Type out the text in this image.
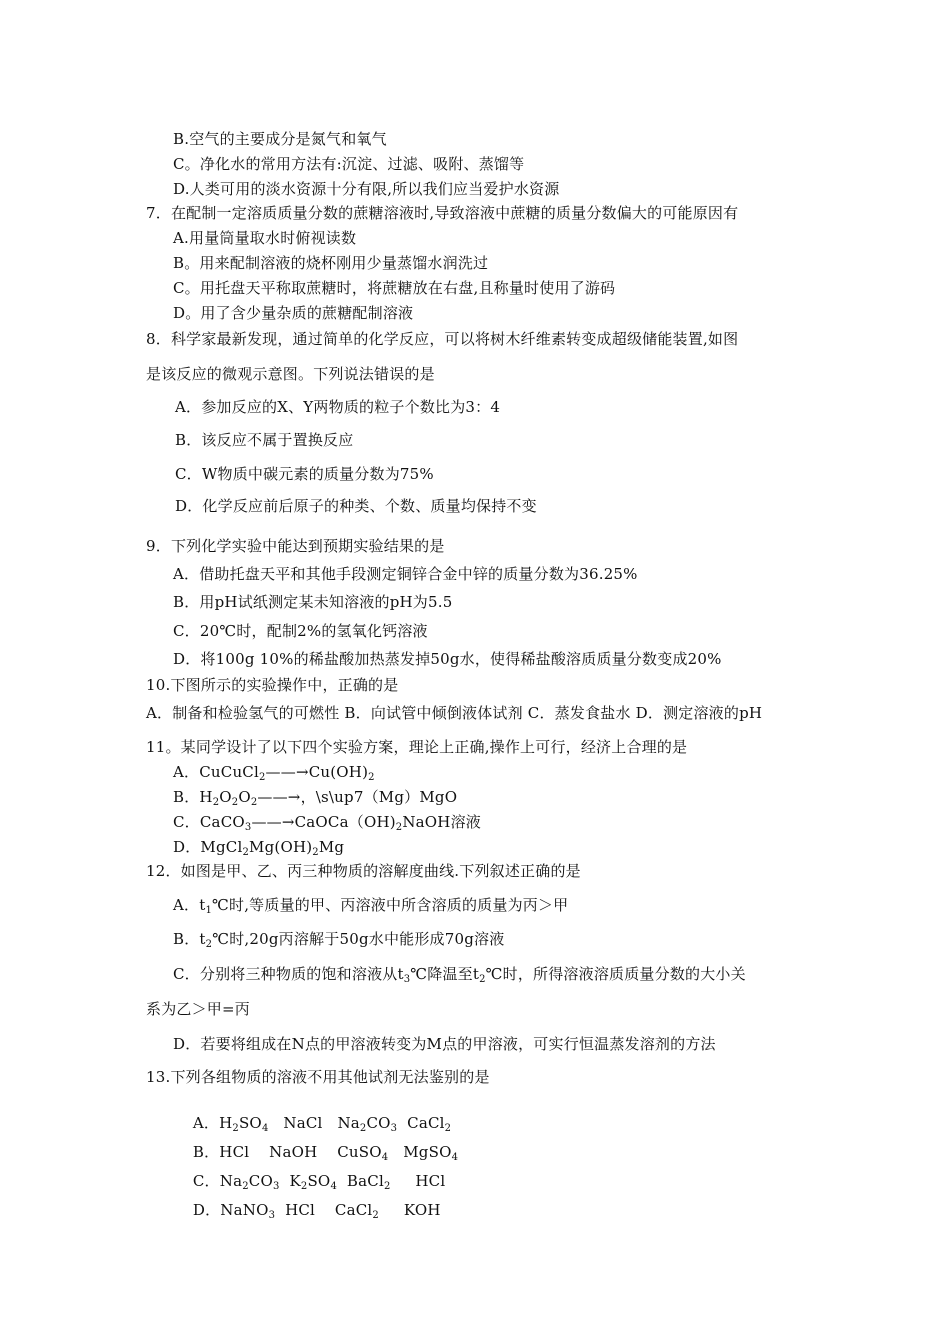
B.空气的主要成分是氮气和氧气
C。净化水的常用方法有:沉淀、过滤、吸附、蒸馏等
D.人类可用的淡水资源十分有限,所以我们应当爱护水资源
7．在配制一定溶质质量分数的蔗糖溶液时,导致溶液中蔗糖的质量分数偏大的可能原因有
A.用量筒量取水时俯视读数
B。用来配制溶液的烧杯刚用少量蒸馏水润洗过
C。用托盘天平称取蔗糖时，将蔗糖放在右盘,且称量时使用了游码
D。用了含少量杂质的蔗糖配制溶液
8．科学家最新发现，通过简单的化学反应，可以将树木纤维素转变成超级储能装置,如图
是该反应的微观示意图。下列说法错误的是
A．参加反应的X、Y两物质的粒子个数比为3：4
B．该反应不属于置换反应
C．W物质中碳元素的质量分数为75%
D．化学反应前后原子的种类、个数、质量均保持不变
9．下列化学实验中能达到预期实验结果的是
A．借助托盘天平和其他手段测定铜锌合金中锌的质量分数为36.25%
B．用pH试纸测定某未知溶液的pH为5.5
C．20℃时，配制2%的氢氧化钙溶液
D．将100g 10%的稀盐酸加热蒸发掉50g水，使得稀盐酸溶质质量分数变成20%
10.下图所示的实验操作中，正确的是
A．制备和检验氢气的可燃性 B．向试管中倾倒液体试剂 C．蒸发食盐水 D．测定溶液的pH
11。某同学设计了以下四个实验方案，理论上正确,操作上可行，经济上合理的是
A．$CuCuCl_2——\to Cu(OH)_2$
B．$H_2O_2O_2——\to$，\s\up7（Mg）MgO
C．$CaCO_3——\to CaOCa(OH)_2NaOH$溶液
D．$MgCl_2Mg(OH)_2Mg$
12．如图是甲、乙、丙三种物质的溶解度曲线.下列叙述正确的是
A．$t_1℃$时,等质量的甲、丙溶液中所含溶质的质量为丙＞甲
B．$t_2℃$时,20g丙溶解于50g水中能形成70g溶液
C．分别将三种物质的饱和溶液从$t_3℃$降温至$t_2℃$时，所得溶液溶质质量分数的大小关
系为乙＞甲=丙
D．若要将组成在N点的甲溶液转变为M点的甲溶液，可实行恒温蒸发溶剂的方法
13.下列各组物质的溶液不用其他试剂无法鉴别的是

A．$H_2SO_4$   NaCl   $Na_2CO_3$  CaCl$_2$

B．HCl    NaOH    CuSO$_4$   MgSO$_4$

C．$Na_2CO_3$  $K_2SO_4$  BaCl$_2$     HCl

D．NaNO$_3$  HCl    CaCl$_2$     KOH
